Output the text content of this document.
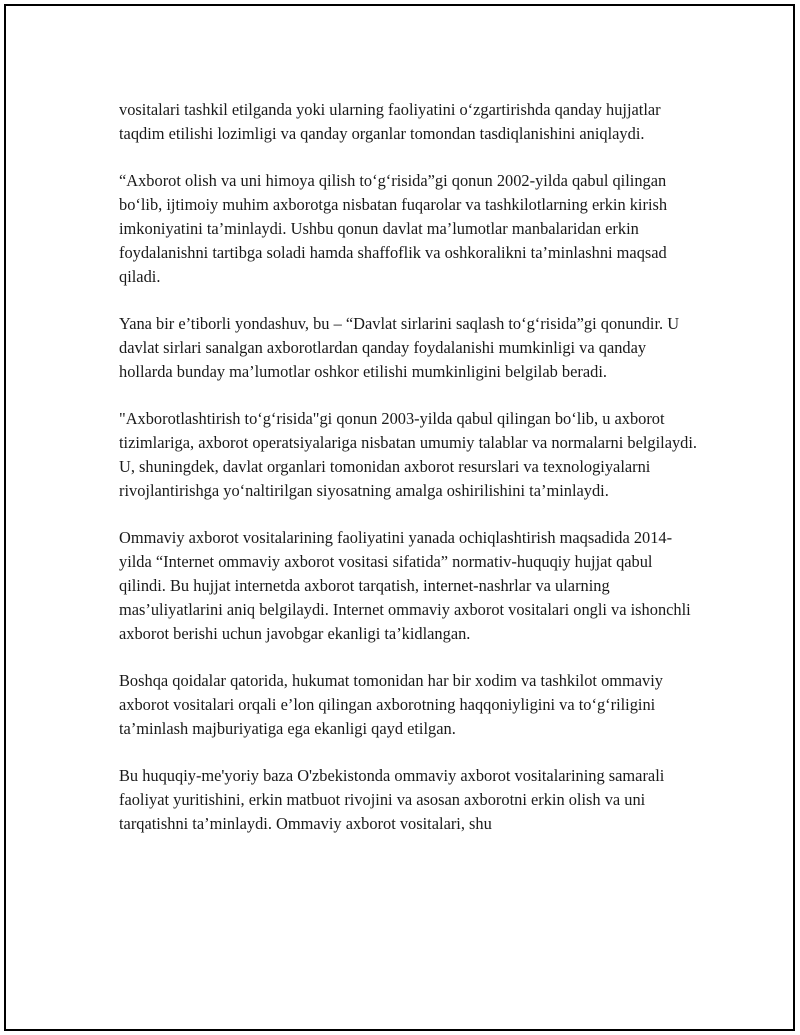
vositalari tashkil etilganda yoki ularning faoliyatini o‘zgartirishda qanday hujjatlar taqdim etilishi lozimligi va qanday organlar tomondan tasdiqlanishini aniqlaydi.

“Axborot olish va uni himoya qilish to‘g‘risida”gi qonun 2002-yilda qabul qilingan bo‘lib, ijtimoiy muhim axborotga nisbatan fuqarolar va tashkilotlarning erkin kirish imkoniyatini ta’minlaydi. Ushbu qonun davlat ma’lumotlar manbalaridan erkin foydalanishni tartibga soladi hamda shaffoflik va oshkoralikni ta’minlashni maqsad qiladi.

Yana bir e’tiborli yondashuv, bu – “Davlat sirlarini saqlash to‘g‘risida”gi qonundir. U davlat sirlari sanalgan axborotlardan qanday foydalanishi mumkinligi va qanday hollarda bunday ma’lumotlar oshkor etilishi mumkinligini belgilab beradi.

"Axborotlashtirish to‘g‘risida"gi qonun 2003-yilda qabul qilingan bo‘lib, u axborot tizimlariga, axborot operatsiyalariga nisbatan umumiy talablar va normalarni belgilaydi. U, shuningdek, davlat organlari tomonidan axborot resurslari va texnologiyalarni rivojlantirishga yo‘naltirilgan siyosatning amalga oshirilishini ta’minlaydi.

Ommaviy axborot vositalarining faoliyatini yanada ochiqlashtirish maqsadida 2014-yilda “Internet ommaviy axborot vositasi sifatida” normativ-huquqiy hujjat qabul qilindi. Bu hujjat internetda axborot tarqatish, internet-nashrlar va ularning mas’uliyatlarini aniq belgilaydi. Internet ommaviy axborot vositalari ongli va ishonchli axborot berishi uchun javobgar ekanligi ta’kidlangan.

Boshqa qoidalar qatorida, hukumat tomonidan har bir xodim va tashkilot ommaviy axborot vositalari orqali e’lon qilingan axborotning haqqoniyligini va to‘g‘riligini ta’minlash majburiyatiga ega ekanligi qayd etilgan.

Bu huquqiy-me'yoriy baza O'zbekistonda ommaviy axborot vositalarining samarali faoliyat yuritishini, erkin matbuot rivojini va asosan axborotni erkin olish va uni tarqatishni ta’minlaydi. Ommaviy axborot vositalari, shu
